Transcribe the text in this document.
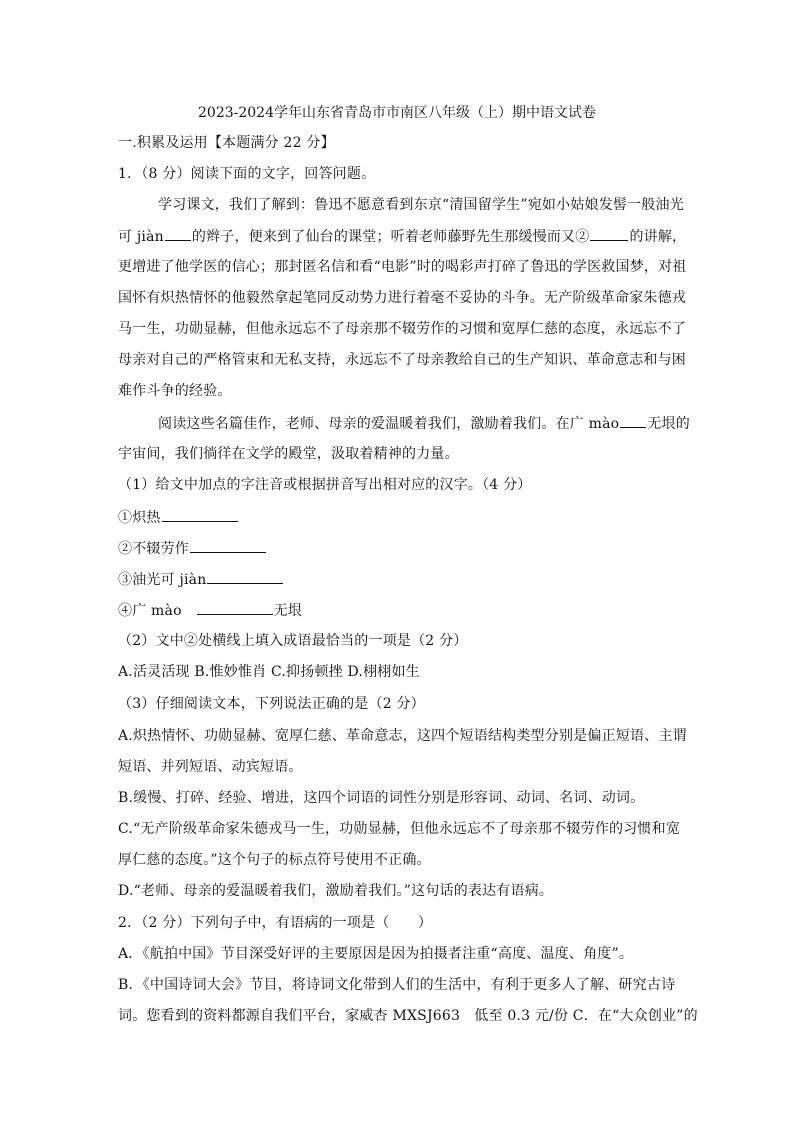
2023-2024学年山东省青岛市市南区八年级（上）期中语文试卷
一.积累及运用【本题满分 22 分】
1．（8 分）阅读下面的文字，回答问题。
学习课文，我们了解到：鲁迅不愿意看到东京“清国留学生”宛如小姑娘发髻一般油光
可 jiàn 的辫子，便来到了仙台的课堂；听着老师藤野先生那缓慢而又②	的讲解，
更增进了他学医的信心；那封匿名信和看“电影”时的喝彩声打碎了鲁迅的学医救国梦，对祖
国怀有炽热情怀的他毅然拿起笔同反动势力进行着毫不妥协的斗争。无产阶级革命家朱德戎
马一生，功勋显赫，但他永远忘不了母亲那不辍劳作的习惯和宽厚仁慈的态度，永远忘不了
母亲对自己的严格管束和无私支持，永远忘不了母亲教给自己的生产知识、革命意志和与困
难作斗争的经验。
阅读这些名篇佳作，老师、母亲的爱温暖着我们，激励着我们。在广 mào 无垠的
宇宙间，我们徜徉在文学的殿堂，汲取着精神的力量。
（1）给文中加点的字注音或根据拼音写出相对应的汉字。（4 分）
①炽热
②不辍劳作
③油光可 jiàn
④广 mào	无垠
（2）文中②处横线上填入成语最恰当的一项是（2 分）
A.活灵活现 B.惟妙惟肖 C.抑扬顿挫 D.栩栩如生
（3）仔细阅读文本，下列说法正确的是（2 分）
A.炽热情怀、功勋显赫、宽厚仁慈、革命意志，这四个短语结构类型分别是偏正短语、主谓
短语、并列短语、动宾短语。
B.缓慢、打碎、经验、增进，这四个词语的词性分别是形容词、动词、名词、动词。
C.“无产阶级革命家朱德戎马一生，功勋显赫，但他永远忘不了母亲那不辍劳作的习惯和宽
厚仁慈的态度。”这个句子的标点符号使用不正确。
D.“老师、母亲的爱温暖着我们，激励着我们。”这句话的表达有语病。
2．（2 分）下列句子中，有语病的一项是（　　）
A．《航拍中国》节目深受好评的主要原因是因为拍摄者注重“高度、温度、角度”。
B．《中国诗词大会》节目，将诗词文化带到人们的生活中，有利于更多人了解、研究古诗
词。您看到的资料都源自我们平台，家威杏 MXSJ663　低至 0.3 元/份 C．在“大众创业”的
